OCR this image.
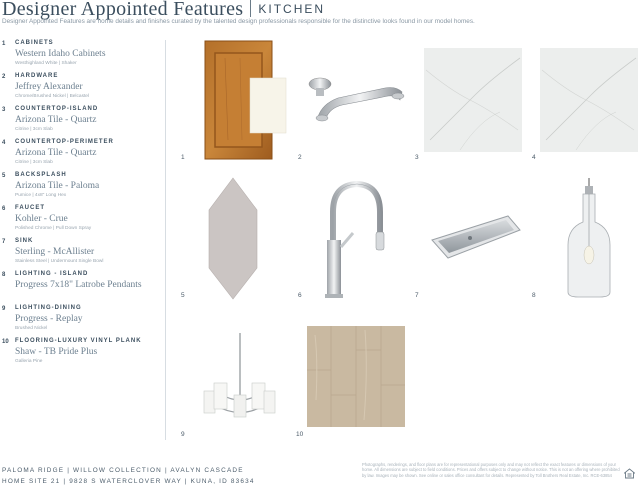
Designer Appointed Features KITCHEN
Designer Appointed Features are home details and finishes curated by the talented design professionals responsible for the distinctive looks found in our model homes.
1 CABINETS
Western Idaho Cabinets
Westhighland White | Shaker
2 HARDWARE
Jeffrey Alexander
Chrome/Brushed Nickel | Belcastel
3 COUNTERTOP-ISLAND
Arizona Tile - Quartz
Citrine | 3cm Slab
4 COUNTERTOP-PERIMETER
Arizona Tile - Quartz
Citrine | 3cm Slab
5 BACKSPLASH
Arizona Tile - Paloma
Pumice | 4x8" Long Hex
6 FAUCET
Kohler - Crue
Polished Chrome | Pull Down Spray
7 SINK
Sterling - McAllister
Stainless Steel | Undermount Single Bowl
8 LIGHTING - ISLAND
Progress 7x18" Latrobe Pendants
9 LIGHTING-DINING
Progress - Replay
Brushed Nickel
10 FLOORING-LUXURY VINYL PLANK
Shaw - TB Pride Plus
Galleria Pine
1	2	3	4
5	6	7	8
9	10
PALOMA RIDGE | WILLOW COLLECTION | AVALYN CASCADE
HOME SITE 21 | 9828 S WATERCLOVER WAY | KUNA, ID 83634
Photographs, renderings, and floor plans are for representational purposes only and may not reflect the exact features or dimensions of your home. All dimensions are subject to field conditions. Prices and offers subject to change without notice. This is not an offering where prohibited by law. Images may be shown. See online or sales office consultant for details. Represented by Toll Brothers Real Estate, Inc. RCE-63854
